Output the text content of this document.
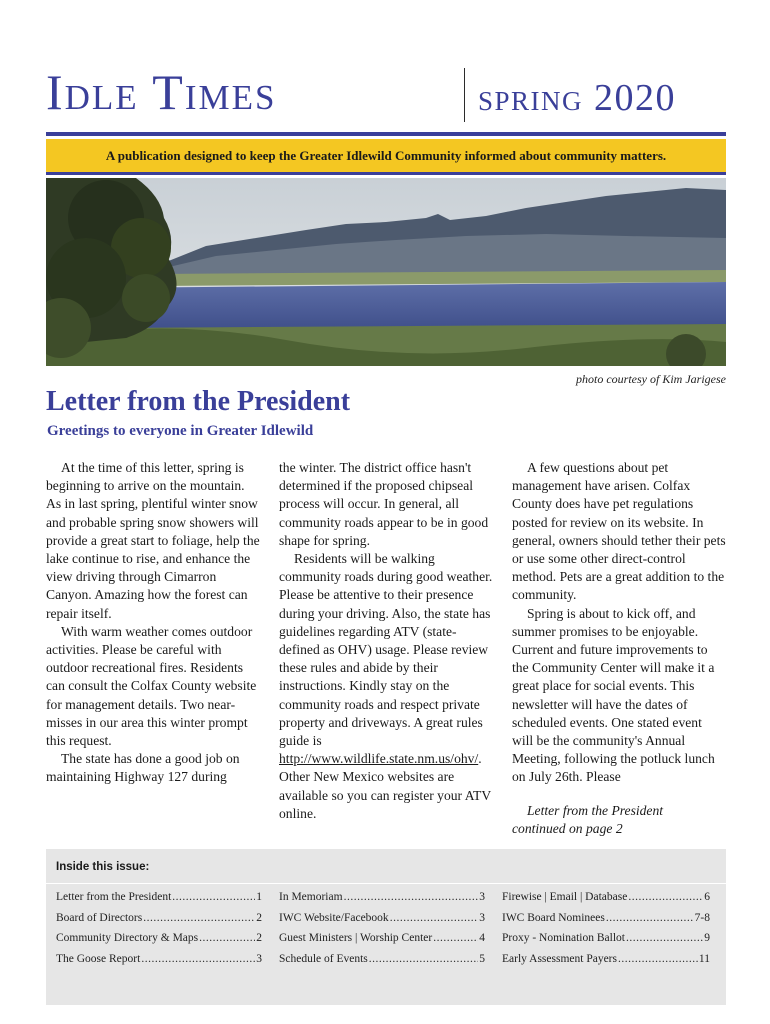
Idle Times	spring 2020
A publication designed to keep the Greater Idlewild Community informed about community matters.
photo courtesy of Kim Jarigese
Letter from the President
Greetings to everyone in Greater Idlewild

At the time of this letter, spring is beginning to arrive on the mountain. As in last spring, plentiful winter snow and probable spring snow showers will provide a great start to foliage, help the lake continue to rise, and enhance the view driving through Cimarron Canyon. Amazing how the forest can repair itself.

With warm weather comes outdoor activities. Please be careful with outdoor recreational fires. Residents can consult the Colfax County website for management details. Two near-misses in our area this winter prompt this request.

The state has done a good job on maintaining Highway 127 during

the winter. The district office hasn't determined if the proposed chipseal process will occur. In general, all community roads appear to be in good shape for spring.

Residents will be walking community roads during good weather. Please be attentive to their presence during your driving. Also, the state has guidelines regarding ATV (state-defined as OHV) usage. Please review these rules and abide by their instructions. Kindly stay on the community roads and respect private property and driveways. A great rules guide is http://www.wildlife.state.nm.us/ohv/. Other New Mexico websites are available so you can register your ATV online.

A few questions about pet management have arisen. Colfax County does have pet regulations posted for review on its website. In general, owners should tether their pets or use some other direct-control method. Pets are a great addition to the community.

Spring is about to kick off, and summer promises to be enjoyable. Current and future improvements to the Community Center will make it a great place for social events. This newsletter will have the dates of scheduled events. One stated event will be the community's Annual Meeting, following the potluck lunch on July 26th. Please

Letter from the President
continued on page 2

Inside this issue:
Letter from the President .....	1
Board of Directors .....	2
Community Directory & Maps .....	2
The Goose Report .....	3
In Memoriam .....	3
IWC Website/Facebook .....	3
Guest Ministers | Worship Center .....	4
Schedule of Events .....	5
Firewise | Email | Database .....	6
IWC Board Nominees .....	7-8
Proxy - Nomination Ballot .....	9
Early Assessment Payers .....	11
